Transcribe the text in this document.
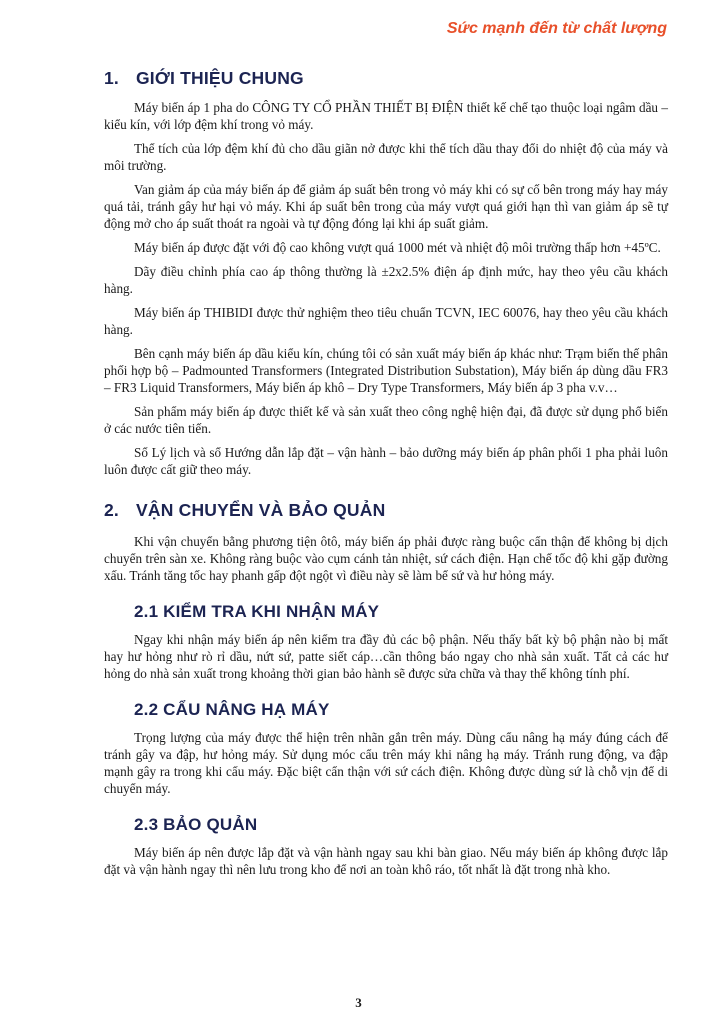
Sức mạnh đến từ chất lượng
1. GIỚI THIỆU CHUNG

Máy biến áp 1 pha do CÔNG TY CỔ PHẦN THIẾT BỊ ĐIỆN thiết kế chế tạo thuộc loại ngâm dầu – kiểu kín, với lớp đệm khí trong vỏ máy.

Thể tích của lớp đệm khí đủ cho dầu giãn nở được khi thể tích dầu thay đổi do nhiệt độ của máy và môi trường.

Van giảm áp của máy biến áp để giảm áp suất bên trong vỏ máy khi có sự cố bên trong máy hay máy quá tải, tránh gây hư hại vỏ máy. Khi áp suất bên trong của máy vượt quá giới hạn thì van giảm áp sẽ tự động mở cho áp suất thoát ra ngoài và tự động đóng lại khi áp suất giảm.

Máy biến áp được đặt với độ cao không vượt quá 1000 mét và nhiệt độ môi trường thấp hơn +45ºC.

Dãy điều chỉnh phía cao áp thông thường là ±2x2.5% điện áp định mức, hay theo yêu cầu khách hàng.

Máy biến áp THIBIDI được thử nghiệm theo tiêu chuẩn TCVN, IEC 60076, hay theo yêu cầu khách hàng.

Bên cạnh máy biến áp dầu kiểu kín, chúng tôi có sản xuất máy biến áp khác như: Trạm biến thế phân phối hợp bộ – Padmounted Transformers (Integrated Distribution Substation), Máy biến áp dùng dầu FR3 – FR3 Liquid Transformers, Máy biến áp khô – Dry Type Transformers, Máy biến áp 3 pha v.v…

Sản phẩm máy biến áp được thiết kế và sản xuất theo công nghệ hiện đại, đã được sử dụng phổ biến ở các nước tiên tiến.

Sổ Lý lịch và sổ Hướng dẫn lắp đặt – vận hành – bảo dưỡng máy biến áp phân phối 1 pha phải luôn luôn được cất giữ theo máy.

2. VẬN CHUYỂN VÀ BẢO QUẢN

Khi vận chuyển bằng phương tiện ôtô, máy biến áp phải được ràng buộc cẩn thận để không bị dịch chuyển trên sàn xe. Không ràng buộc vào cụm cánh tản nhiệt, sứ cách điện. Hạn chế tốc độ khi gặp đường xấu. Tránh tăng tốc hay phanh gấp đột ngột vì điều này sẽ làm bể sứ và hư hỏng máy.

2.1 KIỂM TRA KHI NHẬN MÁY

Ngay khi nhận máy biến áp nên kiểm tra đầy đủ các bộ phận. Nếu thấy bất kỳ bộ phận nào bị mất hay hư hỏng như rò rỉ dầu, nứt sứ, patte siết cáp…cần thông báo ngay cho nhà sản xuất. Tất cả các hư hỏng do nhà sản xuất trong khoảng thời gian bảo hành sẽ được sửa chữa và thay thế không tính phí.

2.2 CẨU NÂNG HẠ MÁY

Trọng lượng của máy được thể hiện trên nhãn gắn trên máy. Dùng cẩu nâng hạ máy đúng cách để tránh gây va đập, hư hỏng máy. Sử dụng móc cẩu trên máy khi nâng hạ máy. Tránh rung động, va đập mạnh gây ra trong khi cẩu máy. Đặc biệt cẩn thận với sứ cách điện. Không được dùng sứ là chỗ vịn để di chuyển máy.

2.3 BẢO QUẢN

Máy biến áp nên được lắp đặt và vận hành ngay sau khi bàn giao. Nếu máy biến áp không được lắp đặt và vận hành ngay thì nên lưu trong kho để nơi an toàn khô ráo, tốt nhất là đặt trong nhà kho.

3
